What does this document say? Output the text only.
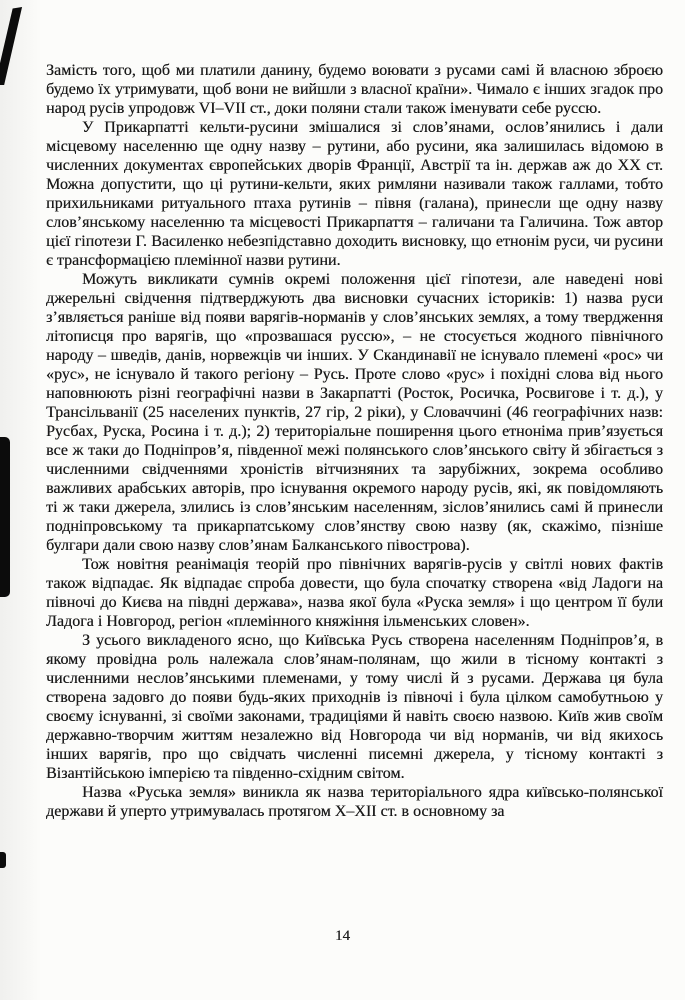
Замість того, щоб ми платили данину, будемо воювати з русами самі й власною зброєю будемо їх утримувати, щоб вони не вийшли з власної країни». Чимало є інших згадок про народ русів упродовж VI–VII ст., доки поляни стали також іменувати себе руссю.

У Прикарпатті кельти-русини змішалися зі слов’янами, ослов’янились і дали місцевому населенню ще одну назву – рутини, або русини, яка залишилась відомою в численних документах європейських дворів Франції, Австрії та ін. держав аж до XX ст. Можна допустити, що ці рутини-кельти, яких римляни називали також галлами, тобто прихильниками ритуального птаха рутинів – півня (галана), принесли ще одну назву слов’янському населенню та місцевості Прикарпаття – галичани та Галичина. Тож автор цієї гіпотези Г. Василенко небезпідставно доходить висновку, що етнонім руси, чи русини є трансформацією племінної назви рутини.

Можуть викликати сумнів окремі положення цієї гіпотези, але наведені нові джерельні свідчення підтверджують два висновки сучасних істориків: 1) назва руси з’являється раніше від появи варягів-норманів у слов’янських землях, а тому твердження літописця про варягів, що «прозвашася руссю», – не стосується жодного північного народу – шведів, данів, норвежців чи інших. У Скандинавії не існувало племені «рос» чи «рус», не існувало й такого регіону – Русь. Проте слово «рус» і похідні слова від нього наповнюють різні географічні назви в Закарпатті (Росток, Росичка, Росвигове і т. д.), у Трансільванії (25 населених пунктів, 27 гір, 2 ріки), у Словаччині (46 географічних назв: Русбах, Руска, Росина і т. д.); 2) територіальне поширення цього етноніма прив’язується все ж таки до Подніпров’я, південної межі полянського слов’янського світу й збігається з численними свідченнями хроністів вітчизняних та зарубіжних, зокрема особливо важливих арабських авторів, про існування окремого народу русів, які, як повідомляють ті ж таки джерела, злились із слов’янським населенням, зіслов’янились самі й принесли подніпровському та прикарпатському слов’янству свою назву (як, скажімо, пізніше булгари дали свою назву слов’янам Балканського півострова).

Тож новітня реанімація теорій про північних варягів-русів у світлі нових фактів також відпадає. Як відпадає спроба довести, що була спочатку створена «від Ладоги на півночі до Києва на півдні держава», назва якої була «Руска земля» і що центром її були Ладога і Новгород, регіон «племінного княжіння ільменських словен».

З усього викладеного ясно, що Київська Русь створена населенням Подніпров’я, в якому провідна роль належала слов’янам-полянам, що жили в тісному контакті з численними неслов’янськими племенами, у тому числі й з русами. Держава ця була створена задовго до появи будь-яких приходнів із півночі і була цілком самобутньою у своєму існуванні, зі своїми законами, традиціями й навіть своєю назвою. Київ жив своїм державно-творчим життям незалежно від Новгорода чи від норманів, чи від якихось інших варягів, про що свідчать численні писемні джерела, у тісному контакті з Візантійською імперією та південно-східним світом.

Назва «Руська земля» виникла як назва територіального ядра київсько-полянської держави й уперто утримувалась протягом X–XII ст. в основному за

14
